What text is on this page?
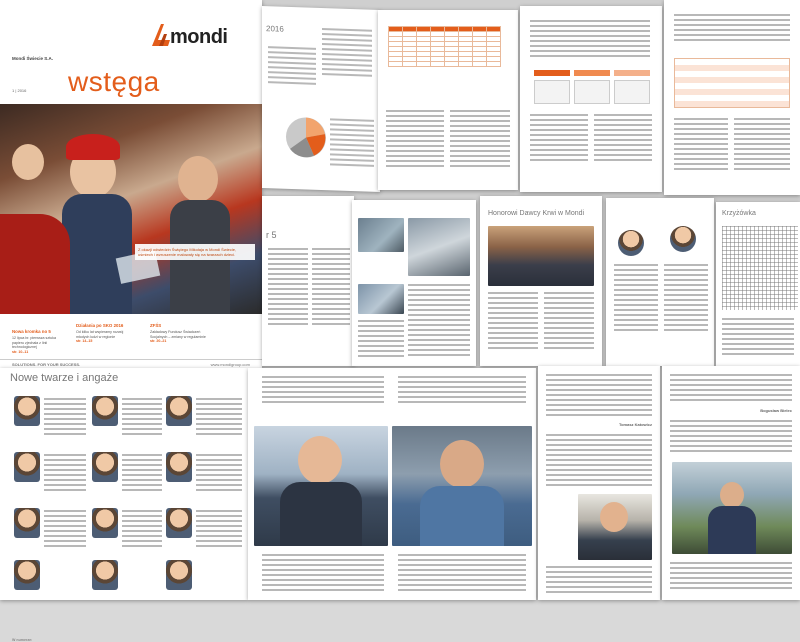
mondi
Mondi Świecie S.A.
wstęga
1 | 2016
Z okazji odwiedzin Świętego Mikołaja w Mondi Świecie, uśmiech i wzruszenie malowały się na twarzach dzieci.
W numerze:
Nowa kromka no 5
12 lipca br. pierwsza sztuka papieru zjechała z linii technologicznej
str. 10–11
Działania po SKO 2016
Od kilku lat wspieramy rozwój młodych ludzi w regionie
str. 14–15
ZFŚS
Zakładowy Fundusz Świadczeń Socjalnych – zmiany w regulaminie
str. 20–21
SOLUTIONS. FOR YOUR SUCCESS.	www.mondigroup.com
2016

r 5
Honorowi Dawcy Krwi w Mondi	Krzyżówka
Nowe twarze i angaże
Tomasz Katowicz
Bogusław Bielec
